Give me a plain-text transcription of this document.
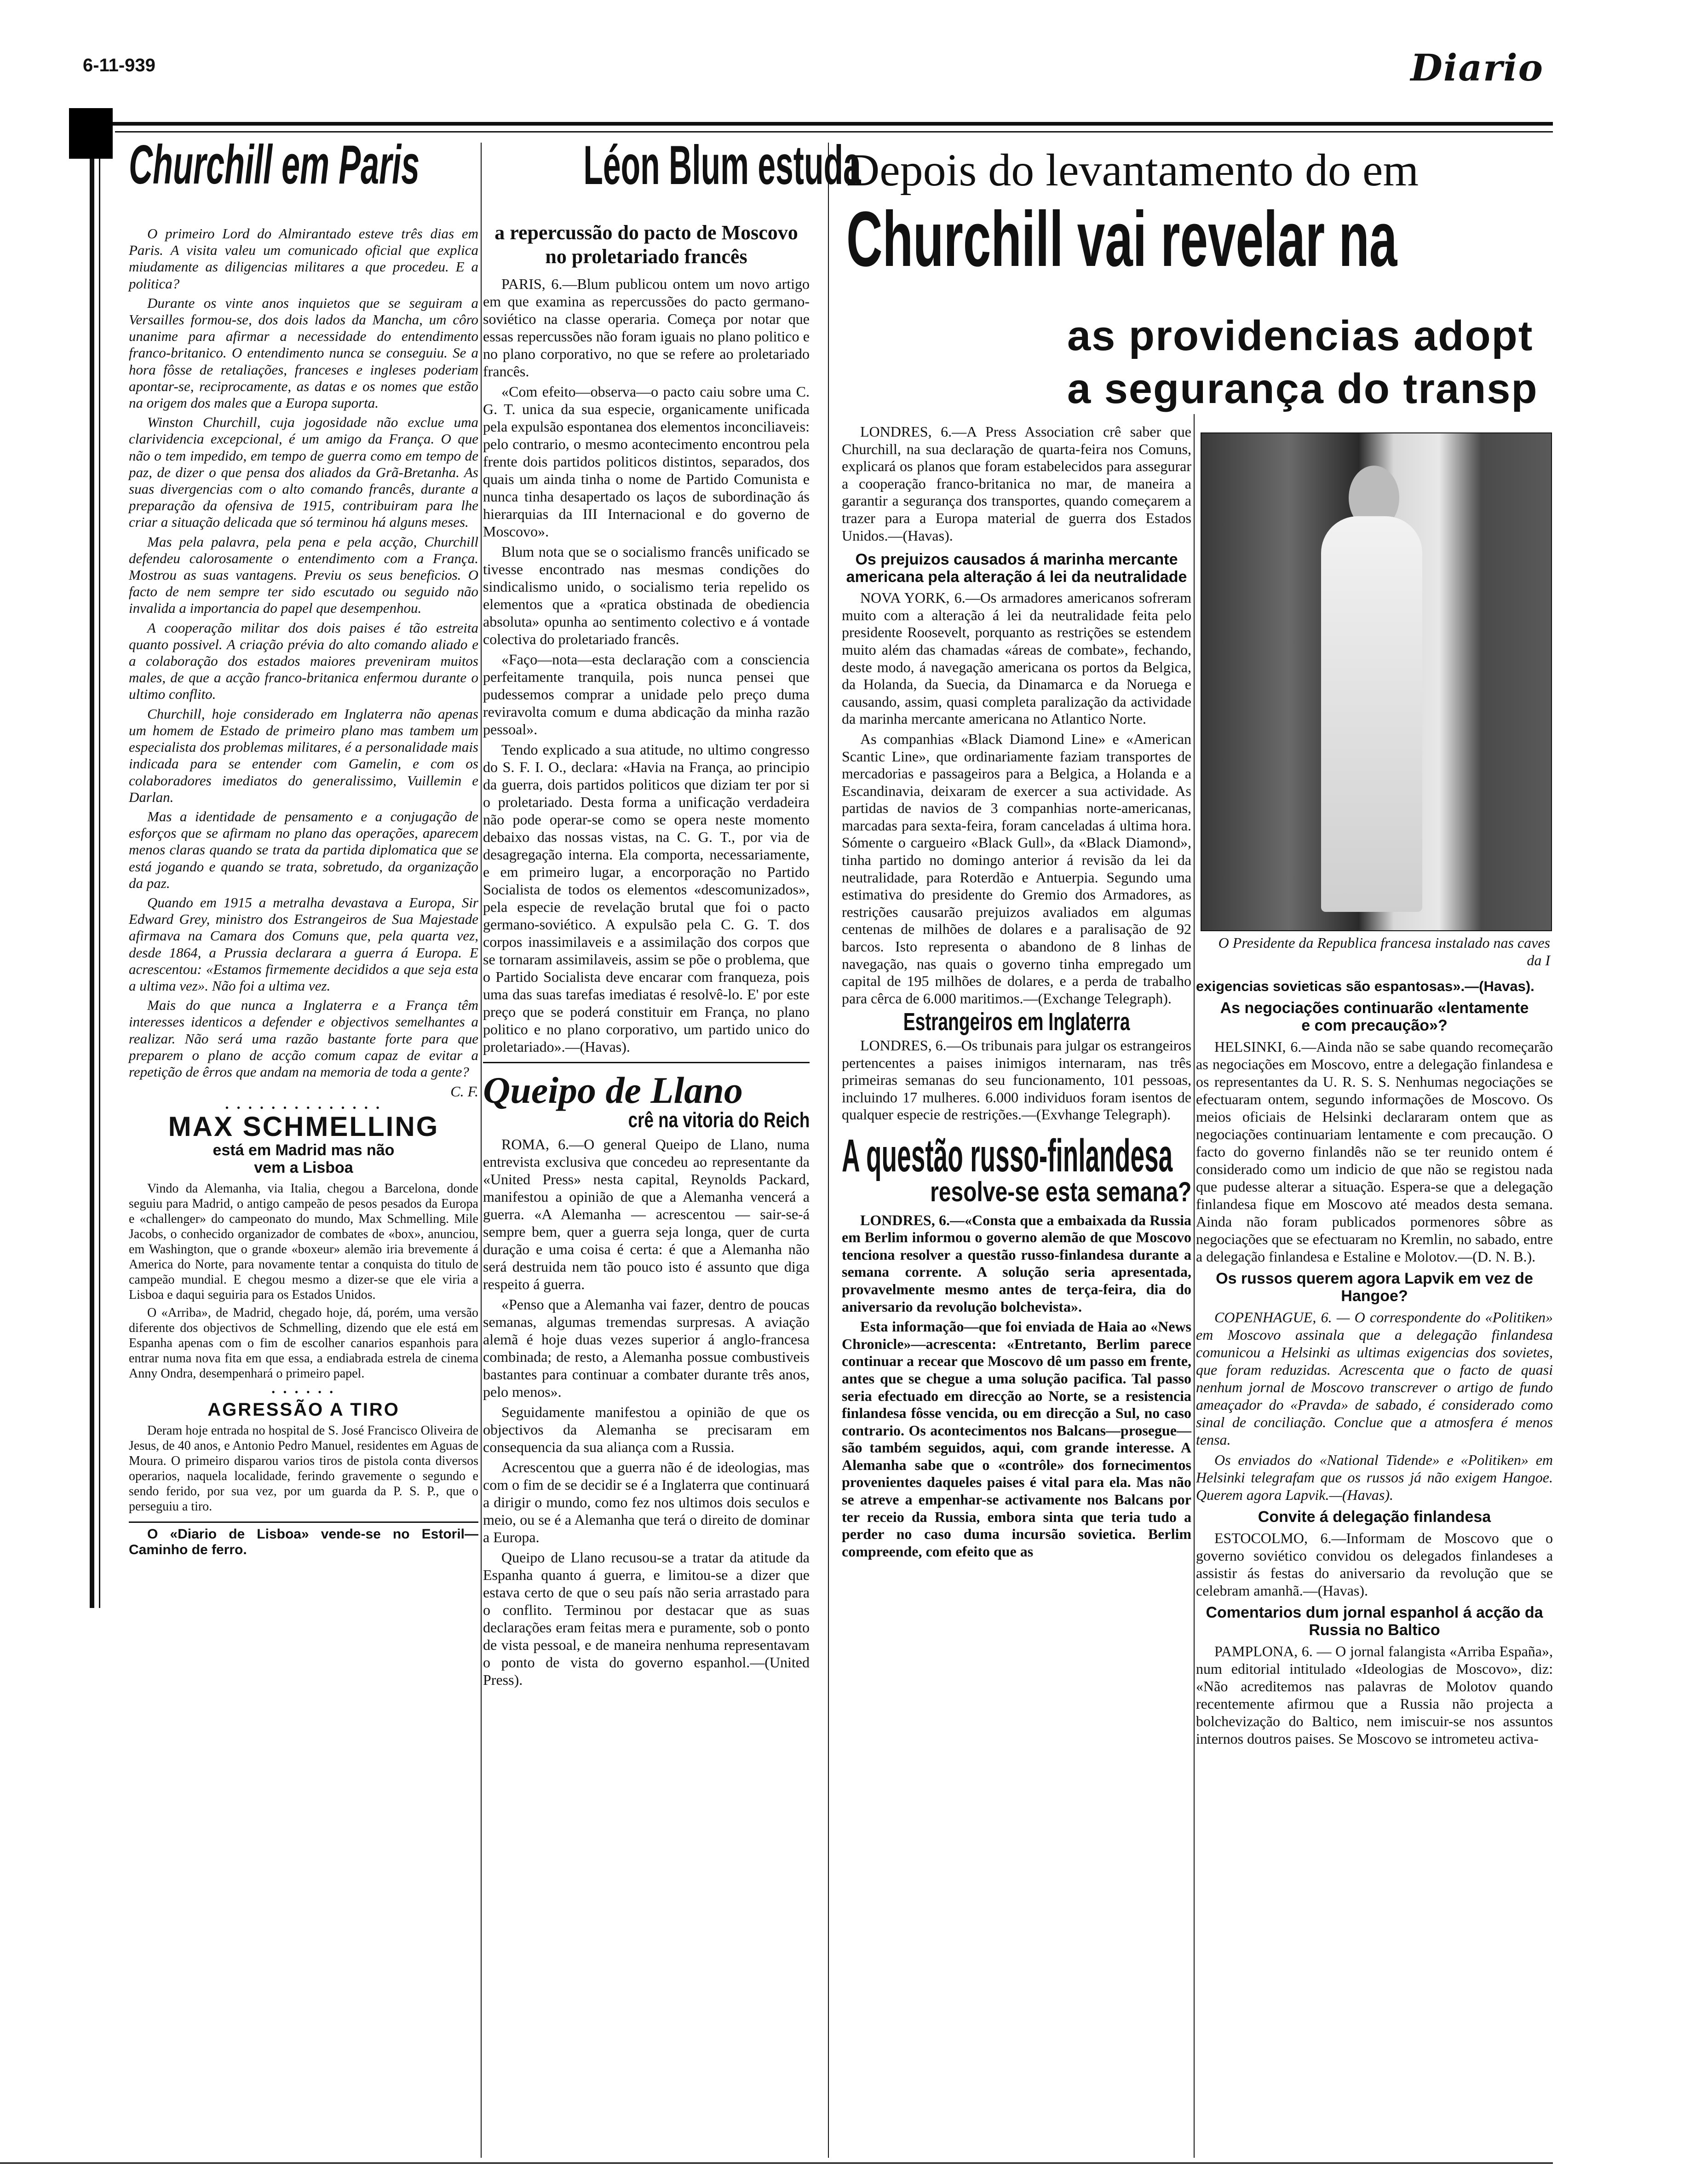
6-11-939	Diario
Churchill em Paris

O primeiro Lord do Almirantado esteve três dias em Paris. A visita valeu um comunicado oficial que explica miudamente as diligencias militares a que procedeu. E a politica?

Durante os vinte anos inquietos que se seguiram a Versailles formou-se, dos dois lados da Mancha, um côro unanime para afirmar a necessidade do entendimento franco-britanico. O entendimento nunca se conseguiu. Se a hora fôsse de retaliações, franceses e ingleses poderiam apontar-se, reciprocamente, as datas e os nomes que estão na origem dos males que a Europa suporta.

Winston Churchill, cuja jogosidade não exclue uma clarividencia excepcional, é um amigo da França. O que não o tem impedido, em tempo de guerra como em tempo de paz, de dizer o que pensa dos aliados da Grã-Bretanha. As suas divergencias com o alto comando francês, durante a preparação da ofensiva de 1915, contribuiram para lhe criar a situação delicada que só terminou há alguns meses.

Mas pela palavra, pela pena e pela acção, Churchill defendeu calorosamente o entendimento com a França. Mostrou as suas vantagens. Previu os seus beneficios. O facto de nem sempre ter sido escutado ou seguido não invalida a importancia do papel que desempenhou.

A cooperação militar dos dois paises é tão estreita quanto possivel. A criação prévia do alto comando aliado e a colaboração dos estados maiores preveniram muitos males, de que a acção franco-britanica enfermou durante o ultimo conflito.

Churchill, hoje considerado em Inglaterra não apenas um homem de Estado de primeiro plano mas tambem um especialista dos problemas militares, é a personalidade mais indicada para se entender com Gamelin, e com os colaboradores imediatos do generalissimo, Vuillemin e Darlan.

Mas a identidade de pensamento e a conjugação de esforços que se afirmam no plano das operações, aparecem menos claras quando se trata da partida diplomatica que se está jogando e quando se trata, sobretudo, da organização da paz.

Quando em 1915 a metralha devastava a Europa, Sir Edward Grey, ministro dos Estrangeiros de Sua Majestade afirmava na Camara dos Comuns que, pela quarta vez, desde 1864, a Prussia declarara a guerra á Europa. E acrescentou: «Estamos firmemente decididos a que seja esta a ultima vez». Não foi a ultima vez.

Mais do que nunca a Inglaterra e a França têm interesses identicos a defender e objectivos semelhantes a realizar. Não será uma razão bastante forte para que preparem o plano de acção comum capaz de evitar a repetição de êrros que andam na memoria de toda a gente?

C. F.
• • • • • • • • • • • • • •
MAX SCHMELLING
está em Madrid mas não vem a Lisboa

Vindo da Alemanha, via Italia, chegou a Barcelona, donde seguiu para Madrid, o antigo campeão de pesos pesados da Europa e «challenger» do campeonato do mundo, Max Schmelling. Mile Jacobs, o conhecido organizador de combates de «box», anunciou, em Washington, que o grande «boxeur» alemão iria brevemente á America do Norte, para novamente tentar a conquista do titulo de campeão mundial. E chegou mesmo a dizer-se que ele viria a Lisboa e daqui seguiria para os Estados Unidos.

O «Arriba», de Madrid, chegado hoje, dá, porém, uma versão diferente dos objectivos de Schmelling, dizendo que ele está em Espanha apenas com o fim de escolher canarios espanhois para entrar numa nova fita em que essa, a endiabrada estrela de cinema Anny Ondra, desempenhará o primeiro papel.

• • • • • •
AGRESSÃO A TIRO

Deram hoje entrada no hospital de S. José Francisco Oliveira de Jesus, de 40 anos, e Antonio Pedro Manuel, residentes em Aguas de Moura. O primeiro disparou varios tiros de pistola conta diversos operarios, naquela localidade, ferindo gravemente o segundo e sendo ferido, por sua vez, por um guarda da P. S. P., que o perseguiu a tiro.

O «Diario de Lisboa» vende-se no Estoril—Caminho de ferro.
Léon Blum estuda
a repercussão do pacto de Moscovo no proletariado francês

PARIS, 6.—Blum publicou ontem um novo artigo em que examina as repercussões do pacto germano-soviético na classe operaria. Começa por notar que essas repercussões não foram iguais no plano politico e no plano corporativo, no que se refere ao proletariado francês.

«Com efeito—observa—o pacto caiu sobre uma C. G. T. unica da sua especie, organicamente unificada pela expulsão espontanea dos elementos inconciliaveis: pelo contrario, o mesmo acontecimento encontrou pela frente dois partidos politicos distintos, separados, dos quais um ainda tinha o nome de Partido Comunista e nunca tinha desapertado os laços de subordinação ás hierarquias da III Internacional e do governo de Moscovo».

Blum nota que se o socialismo francês unificado se tivesse encontrado nas mesmas condições do sindicalismo unido, o socialismo teria repelido os elementos que a «pratica obstinada de obediencia absoluta» opunha ao sentimento colectivo e á vontade colectiva do proletariado francês.

«Faço—nota—esta declaração com a consciencia perfeitamente tranquila, pois nunca pensei que pudessemos comprar a unidade pelo preço duma reviravolta comum e duma abdicação da minha razão pessoal».

Tendo explicado a sua atitude, no ultimo congresso do S. F. I. O., declara: «Havia na França, ao principio da guerra, dois partidos politicos que diziam ter por si o proletariado. Desta forma a unificação verdadeira não pode operar-se como se opera neste momento debaixo das nossas vistas, na C. G. T., por via de desagregação interna. Ela comporta, necessariamente, e em primeiro lugar, a encorporação no Partido Socialista de todos os elementos «descomunizados», pela especie de revelação brutal que foi o pacto germano-soviético. A expulsão pela C. G. T. dos corpos inassimilaveis e a assimilação dos corpos que se tornaram assimilaveis, assim se põe o problema, que o Partido Socialista deve encarar com franqueza, pois uma das suas tarefas imediatas é resolvê-lo. E' por este preço que se poderá constituir em França, no plano politico e no plano corporativo, um partido unico do proletariado».—(Havas).

Queipo de Llano
crê na vitoria do Reich

ROMA, 6.—O general Queipo de Llano, numa entrevista exclusiva que concedeu ao representante da «United Press» nesta capital, Reynolds Packard, manifestou a opinião de que a Alemanha vencerá a guerra. «A Alemanha — acrescentou — sair-se-á sempre bem, quer a guerra seja longa, quer de curta duração e uma coisa é certa: é que a Alemanha não será destruida nem tão pouco isto é assunto que diga respeito á guerra.

«Penso que a Alemanha vai fazer, dentro de poucas semanas, algumas tremendas surpresas. A aviação alemã é hoje duas vezes superior á anglo-francesa combinada; de resto, a Alemanha possue combustiveis bastantes para continuar a combater durante três anos, pelo menos».

Seguidamente manifestou a opinião de que os objectivos da Alemanha se precisaram em consequencia da sua aliança com a Russia.

Acrescentou que a guerra não é de ideologias, mas com o fim de se decidir se é a Inglaterra que continuará a dirigir o mundo, como fez nos ultimos dois seculos e meio, ou se é a Alemanha que terá o direito de dominar a Europa.

Queipo de Llano recusou-se a tratar da atitude da Espanha quanto á guerra, e limitou-se a dizer que estava certo de que o seu país não seria arrastado para o conflito. Terminou por destacar que as suas declarações eram feitas mera e puramente, sob o ponto de vista pessoal, e de maneira nenhuma representavam o ponto de vista do governo espanhol.—(United Press).

Depois do levantamento do em
Churchill vai revelar na
as providencias adopt
a segurança do transp

LONDRES, 6.—A Press Association crê saber que Churchill, na sua declaração de quarta-feira nos Comuns, explicará os planos que foram estabelecidos para assegurar a cooperação franco-britanica no mar, de maneira a garantir a segurança dos transportes, quando começarem a trazer para a Europa material de guerra dos Estados Unidos.—(Havas).

Os prejuizos causados á marinha mercante americana pela alteração á lei da neutralidade

NOVA YORK, 6.—Os armadores americanos sofreram muito com a alteração á lei da neutralidade feita pelo presidente Roosevelt, porquanto as restrições se estendem muito além das chamadas «áreas de combate», fechando, deste modo, á navegação americana os portos da Belgica, da Holanda, da Suecia, da Dinamarca e da Noruega e causando, assim, quasi completa paralização da actividade da marinha mercante americana no Atlantico Norte.

As companhias «Black Diamond Line» e «American Scantic Line», que ordinariamente faziam transportes de mercadorias e passageiros para a Belgica, a Holanda e a Escandinavia, deixaram de exercer a sua actividade. As partidas de navios de 3 companhias norte-americanas, marcadas para sexta-feira, foram canceladas á ultima hora. Sómente o cargueiro «Black Gull», da «Black Diamond», tinha partido no domingo anterior á revisão da lei da neutralidade, para Roterdão e Antuerpia. Segundo uma estimativa do presidente do Gremio dos Armadores, as restrições causarão prejuizos avaliados em algumas centenas de milhões de dolares e a paralisação de 92 barcos. Isto representa o abandono de 8 linhas de navegação, nas quais o governo tinha empregado um capital de 195 milhões de dolares, e a perda de trabalho para cêrca de 6.000 maritimos.—(Exchange Telegraph).

Estrangeiros em Inglaterra

LONDRES, 6.—Os tribunais para julgar os estrangeiros pertencentes a paises inimigos internaram, nas três primeiras semanas do seu funcionamento, 101 pessoas, incluindo 17 mulheres. 6.000 individuos foram isentos de qualquer especie de restrições.—(Exvhange Telegraph).

A questão russo-finlandesa
resolve-se esta semana?

LONDRES, 6.—«Consta que a embaixada da Russia em Berlim informou o governo alemão de que Moscovo tenciona resolver a questão russo-finlandesa durante a semana corrente. A solução seria apresentada, provavelmente mesmo antes de terça-feira, dia do aniversario da revolução bolchevista».

Esta informação—que foi enviada de Haia ao «News Chronicle»—acrescenta: «Entretanto, Berlim parece continuar a recear que Moscovo dê um passo em frente, antes que se chegue a uma solução pacifica. Tal passo seria efectuado em direcção ao Norte, se a resistencia finlandesa fôsse vencida, ou em direcção a Sul, no caso contrario. Os acontecimentos nos Balcans—prosegue—são também seguidos, aqui, com grande interesse. A Alemanha sabe que o «contrôle» dos fornecimentos provenientes daqueles paises é vital para ela. Mas não se atreve a empenhar-se activamente nos Balcans por ter receio da Russia, embora sinta que teria tudo a perder no caso duma incursão sovietica. Berlim compreende, com efeito que as

O Presidente da Republica francesa instalado nas caves da I
exigencias sovieticas são espantosas».—(Havas).
As negociações continuarão «lentamente e com precaução»?

HELSINKI, 6.—Ainda não se sabe quando recomeçarão as negociações em Moscovo, entre a delegação finlandesa e os representantes da U. R. S. S. Nenhumas negociações se efectuaram ontem, segundo informações de Moscovo. Os meios oficiais de Helsinki declararam ontem que as negociações continuariam lentamente e com precaução. O facto do governo finlandês não se ter reunido ontem é considerado como um indicio de que não se registou nada que pudesse alterar a situação. Espera-se que a delegação finlandesa fique em Moscovo até meados desta semana. Ainda não foram publicados pormenores sôbre as negociações que se efectuaram no Kremlin, no sabado, entre a delegação finlandesa e Estaline e Molotov.—(D. N. B.).

Os russos querem agora Lapvik em vez de Hangoe?

COPENHAGUE, 6. — O correspondente do «Politiken» em Moscovo assinala que a delegação finlandesa comunicou a Helsinki as ultimas exigencias dos sovietes, que foram reduzidas. Acrescenta que o facto de quasi nenhum jornal de Moscovo transcrever o artigo de fundo ameaçador do «Pravda» de sabado, é considerado como sinal de conciliação. Conclue que a atmosfera é menos tensa.

Os enviados do «National Tidende» e «Politiken» em Helsinki telegrafam que os russos já não exigem Hangoe. Querem agora Lapvik.—(Havas).

Convite á delegação finlandesa

ESTOCOLMO, 6.—Informam de Moscovo que o governo soviético convidou os delegados finlandeses a assistir ás festas do aniversario da revolução que se celebram amanhã.—(Havas).

Comentarios dum jornal espanhol á acção da Russia no Baltico

PAMPLONA, 6. — O jornal falangista «Arriba España», num editorial intitulado «Ideologias de Moscovo», diz: «Não acreditemos nas palavras de Molotov quando recentemente afirmou que a Russia não projecta a bolchevização do Baltico, nem imiscuir-se nos assuntos internos doutros paises. Se Moscovo se intrometeu activa-
